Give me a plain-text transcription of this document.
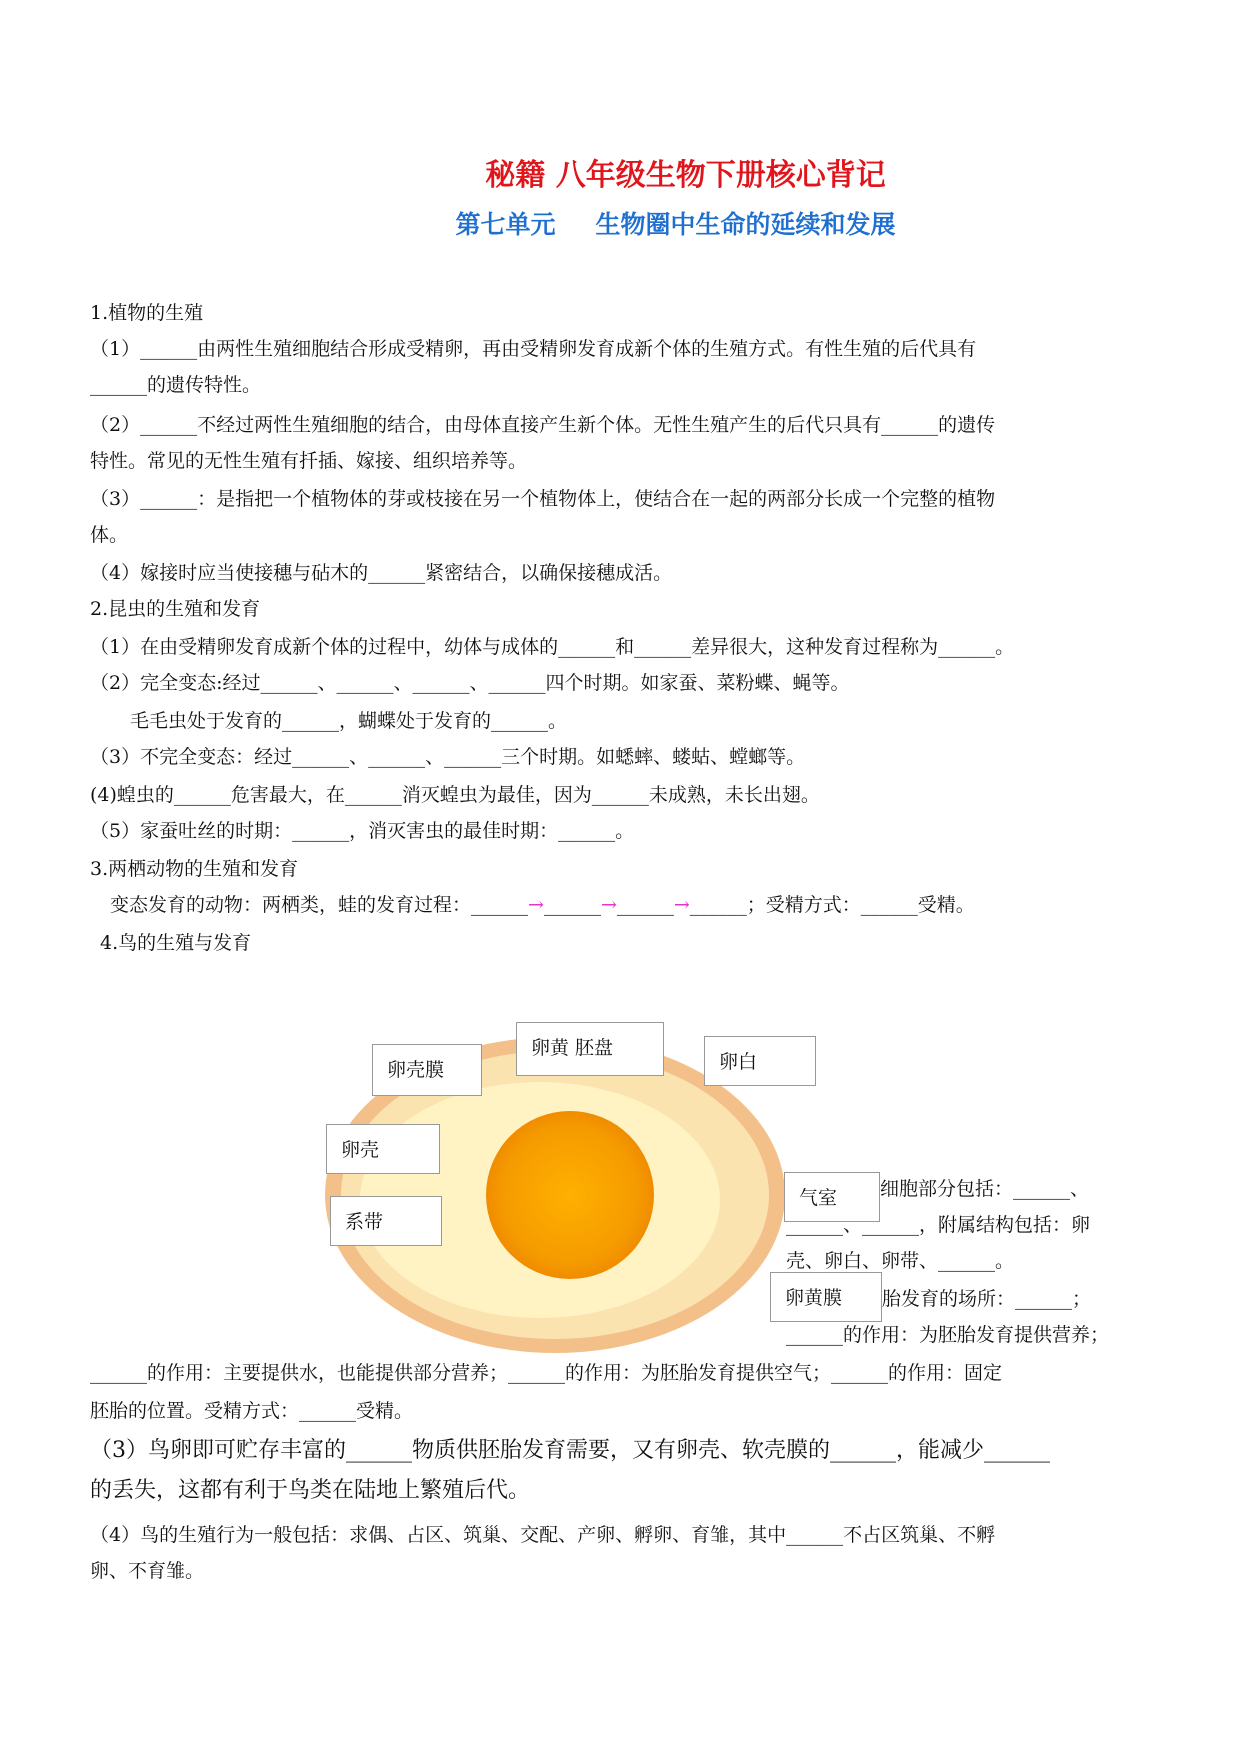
秘籍 八年级生物下册核心背记
第七单元 生物圈中生命的延续和发展
1.植物的生殖
（1）______由两性生殖细胞结合形成受精卵，再由受精卵发育成新个体的生殖方式。有性生殖的后代具有
______的遗传特性。
（2）______不经过两性生殖细胞的结合，由母体直接产生新个体。无性生殖产生的后代只具有______的遗传
特性。常见的无性生殖有扦插、嫁接、组织培养等。
（3）______：是指把一个植物体的芽或枝接在另一个植物体上，使结合在一起的两部分长成一个完整的植物
体。
（4）嫁接时应当使接穗与砧木的______紧密结合，以确保接穗成活。
2.昆虫的生殖和发育
（1）在由受精卵发育成新个体的过程中，幼体与成体的______和______差异很大，这种发育过程称为______。
（2）完全变态:经过______、______、______、______四个时期。如家蚕、菜粉蝶、蝇等。
毛毛虫处于发育的______，蝴蝶处于发育的______。
（3）不完全变态：经过______、______、______三个时期。如蟋蟀、蝼蛄、螳螂等。
(4)蝗虫的______危害最大，在______消灭蝗虫为最佳，因为______未成熟，未长出翅。
（5）家蚕吐丝的时期：______，消灭害虫的最佳时期：______。
3.两栖动物的生殖和发育
变态发育的动物：两栖类，蛙的发育过程：______→______→______→______；受精方式：______受精。
4.鸟的生殖与发育
卵壳膜
卵黄 胚盘
卵白
卵壳
系带
气室
卵黄膜
细胞部分包括：______、
______、______，附属结构包括：卵
壳、卵白、卵带、______。
胎发育的场所：______；
______的作用：为胚胎发育提供营养；
______的作用：主要提供水，也能提供部分营养；______的作用：为胚胎发育提供空气；______的作用：固定
胚胎的位置。受精方式：______受精。
（3）鸟卵即可贮存丰富的______物质供胚胎发育需要，又有卵壳、软壳膜的______，能减少______
的丢失，这都有利于鸟类在陆地上繁殖后代。
（4）鸟的生殖行为一般包括：求偶、占区、筑巢、交配、产卵、孵卵、育雏，其中______不占区筑巢、不孵
卵、不育雏。
